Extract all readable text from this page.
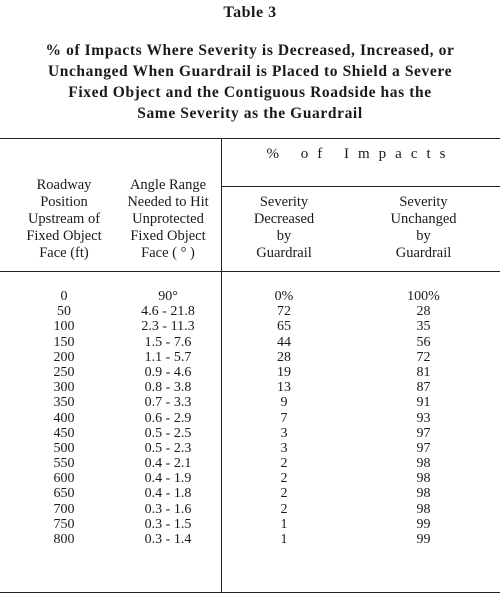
Table 3
% of Impacts Where Severity is Decreased, Increased, or
Unchanged When Guardrail is Placed to Shield a Severe
Fixed Object and the Contiguous Roadside has the
Same Severity as the Guardrail
% of Impacts
Roadway
Position
Upstream of
Fixed Object
Face (ft)
Angle Range
Needed to Hit
Unprotected
Fixed Object
Face ( ° )
Severity
Decreased
by
Guardrail
Severity
Unchanged
by
Guardrail
0	90°	0%	100%
50	4.6 - 21.8	72	28
100	2.3 - 11.3	65	35
150	1.5 - 7.6	44	56
200	1.1 - 5.7	28	72
250	0.9 - 4.6	19	81
300	0.8 - 3.8	13	87
350	0.7 - 3.3	9	91
400	0.6 - 2.9	7	93
450	0.5 - 2.5	3	97
500	0.5 - 2.3	3	97
550	0.4 - 2.1	2	98
600	0.4 - 1.9	2	98
650	0.4 - 1.8	2	98
700	0.3 - 1.6	2	98
750	0.3 - 1.5	1	99
800	0.3 - 1.4	1	99
